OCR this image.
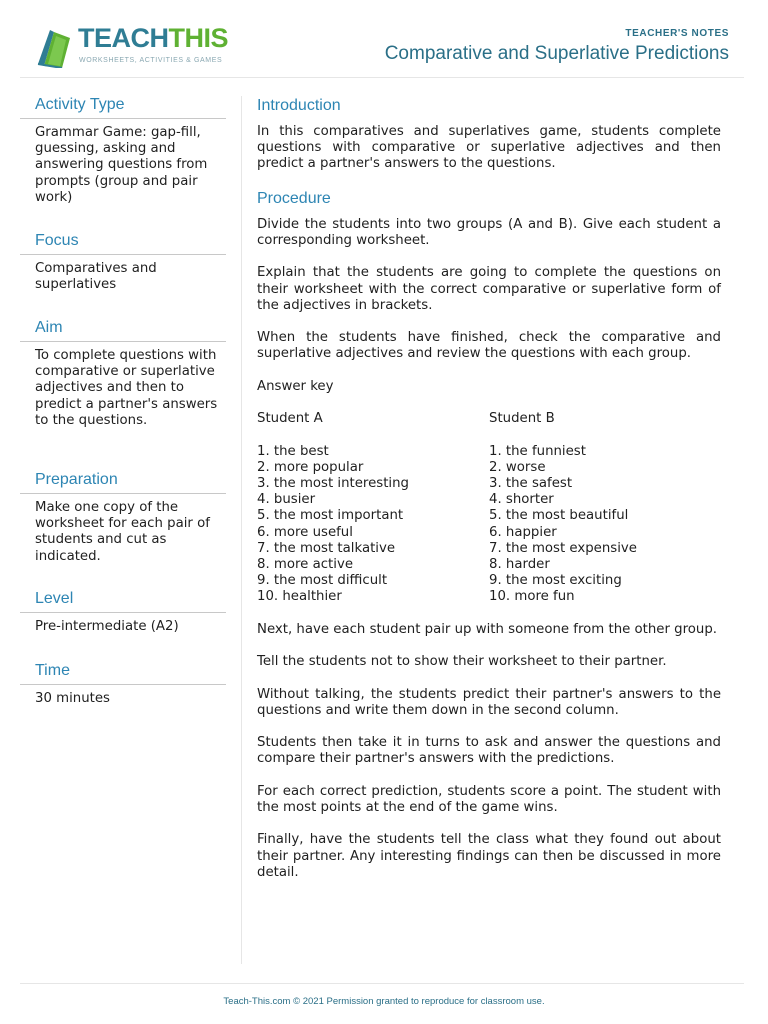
TEACHTHIS
WORKSHEETS, ACTIVITIES & GAMES
TEACHER'S NOTES
Comparative and Superlative Predictions
Activity Type
Grammar Game: gap-fill, guessing, asking and answering questions from prompts (group and pair work)
Focus
Comparatives and superlatives
Aim
To complete questions with comparative or superlative adjectives and then to predict a partner's answers to the questions.
Preparation
Make one copy of the worksheet for each pair of students and cut as indicated.
Level
Pre-intermediate (A2)
Time
30 minutes
Introduction

In this comparatives and superlatives game, students complete questions with comparative or superlative adjectives and then predict a partner's answers to the questions.

Procedure

Divide the students into two groups (A and B). Give each student a corresponding worksheet.

Explain that the students are going to complete the questions on their worksheet with the correct comparative or superlative form of the adjectives in brackets.

When the students have finished, check the comparative and superlative adjectives and review the questions with each group.

Answer key

Student A
1. the best
2. more popular
3. the most interesting
4. busier
5. the most important
6. more useful
7. the most talkative
8. more active
9. the most difficult
10. healthier
Student B
1. the funniest
2. worse
3. the safest
4. shorter
5. the most beautiful
6. happier
7. the most expensive
8. harder
9. the most exciting
10. more fun

Next, have each student pair up with someone from the other group.

Tell the students not to show their worksheet to their partner.

Without talking, the students predict their partner's answers to the questions and write them down in the second column.

Students then take it in turns to ask and answer the questions and compare their partner's answers with the predictions.

For each correct prediction, students score a point. The student with the most points at the end of the game wins.

Finally, have the students tell the class what they found out about their partner. Any interesting findings can then be discussed in more detail.

Teach-This.com © 2021 Permission granted to reproduce for classroom use.
